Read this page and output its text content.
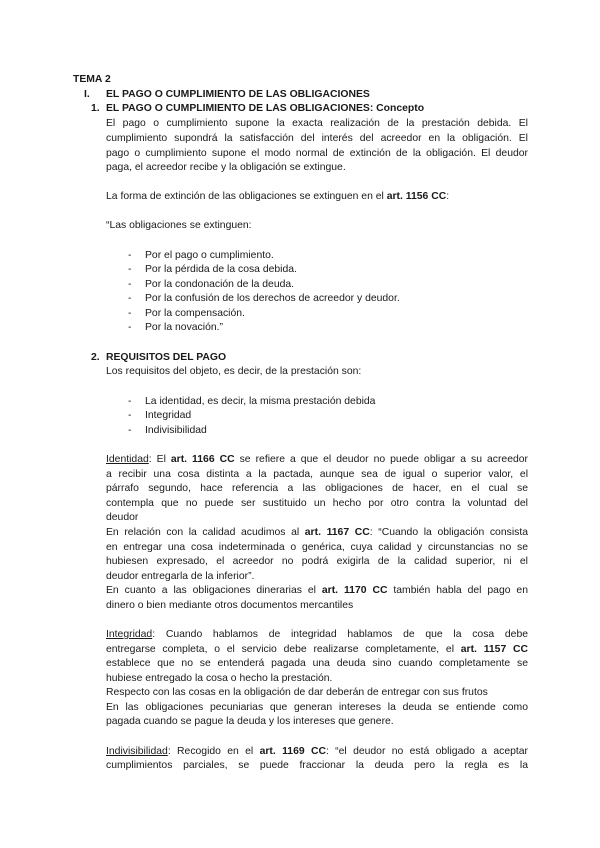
TEMA 2
I. EL PAGO O CUMPLIMIENTO DE LAS OBLIGACIONES
1. EL PAGO O CUMPLIMIENTO DE LAS OBLIGACIONES: Concepto
El pago o cumplimiento supone la exacta realización de la prestación debida. El
cumplimiento supondrá la satisfacción del interés del acreedor en la obligación. El
pago o cumplimiento supone el modo normal de extinción de la obligación. El deudor
paga, el acreedor recibe y la obligación se extingue.
La forma de extinción de las obligaciones se extinguen en el art. 1156 CC:
“Las obligaciones se extinguen:
- Por el pago o cumplimiento.
- Por la pérdida de la cosa debida.
- Por la condonación de la deuda.
- Por la confusión de los derechos de acreedor y deudor.
- Por la compensación.
- Por la novación.”
2. REQUISITOS DEL PAGO
Los requisitos del objeto, es decir, de la prestación son:
- La identidad, es decir, la misma prestación debida
- Integridad
- Indivisibilidad
Identidad: El art. 1166 CC se refiere a que el deudor no puede obligar a su acreedor
a recibir una cosa distinta a la pactada, aunque sea de igual o superior valor, el
párrafo segundo, hace referencia a las obligaciones de hacer, en el cual se
contempla que no puede ser sustituido un hecho por otro contra la voluntad del
deudor
En relación con la calidad acudimos al art. 1167 CC: “Cuando la obligación consista
en entregar una cosa indeterminada o genérica, cuya calidad y circunstancias no se
hubiesen expresado, el acreedor no podrá exigirla de la calidad superior, ni el
deudor entregarla de la inferior”.
En cuanto a las obligaciones dinerarias el art. 1170 CC también habla del pago en
dinero o bien mediante otros documentos mercantiles
Integridad: Cuando hablamos de integridad hablamos de que la cosa debe
entregarse completa, o el servicio debe realizarse completamente, el art. 1157 CC
establece que no se entenderá pagada una deuda sino cuando completamente se
hubiese entregado la cosa o hecho la prestación.
Respecto con las cosas en la obligación de dar deberán de entregar con sus frutos
En las obligaciones pecuniarias que generan intereses la deuda se entiende como
pagada cuando se pague la deuda y los intereses que genere.
Indivisibilidad: Recogido en el art. 1169 CC: “el deudor no está obligado a aceptar
cumplimientos parciales, se puede fraccionar la deuda pero la regla es la
